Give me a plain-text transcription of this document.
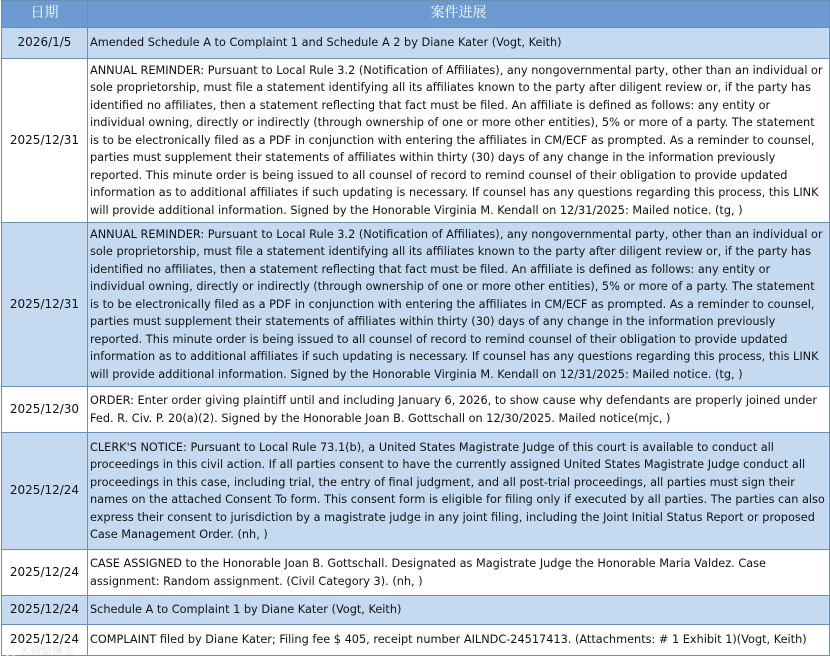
日期	案件进展
2026/1/5	Amended Schedule A to Complaint 1 and Schedule A 2 by Diane Kater (Vogt, Keith)
2025/12/31	ANNUAL REMINDER: Pursuant to Local Rule 3.2 (Notification of Affiliates), any nongovernmental party, other than an individual or sole proprietorship, must file a statement identifying all its affiliates known to the party after diligent review or, if the party has identified no affiliates, then a statement reflecting that fact must be filed. An affiliate is defined as follows: any entity or individual owning, directly or indirectly (through ownership of one or more other entities), 5% or more of a party. The statement is to be electronically filed as a PDF in conjunction with entering the affiliates in CM/ECF as prompted. As a reminder to counsel, parties must supplement their statements of affiliates within thirty (30) days of any change in the information previously reported. This minute order is being issued to all counsel of record to remind counsel of their obligation to provide updated information as to additional affiliates if such updating is necessary. If counsel has any questions regarding this process, this LINK will provide additional information. Signed by the Honorable Virginia M. Kendall on 12/31/2025: Mailed notice. (tg, )
2025/12/31	ANNUAL REMINDER: Pursuant to Local Rule 3.2 (Notification of Affiliates), any nongovernmental party, other than an individual or sole proprietorship, must file a statement identifying all its affiliates known to the party after diligent review or, if the party has identified no affiliates, then a statement reflecting that fact must be filed. An affiliate is defined as follows: any entity or individual owning, directly or indirectly (through ownership of one or more other entities), 5% or more of a party. The statement is to be electronically filed as a PDF in conjunction with entering the affiliates in CM/ECF as prompted. As a reminder to counsel, parties must supplement their statements of affiliates within thirty (30) days of any change in the information previously reported. This minute order is being issued to all counsel of record to remind counsel of their obligation to provide updated information as to additional affiliates if such updating is necessary. If counsel has any questions regarding this process, this LINK will provide additional information. Signed by the Honorable Virginia M. Kendall on 12/31/2025: Mailed notice. (tg, )
2025/12/30	ORDER: Enter order giving plaintiff until and including January 6, 2026, to show cause why defendants are properly joined under Fed. R. Civ. P. 20(a)(2). Signed by the Honorable Joan B. Gottschall on 12/30/2025. Mailed notice(mjc, )
2025/12/24	CLERK'S NOTICE: Pursuant to Local Rule 73.1(b), a United States Magistrate Judge of this court is available to conduct all proceedings in this civil action. If all parties consent to have the currently assigned United States Magistrate Judge conduct all proceedings in this case, including trial, the entry of final judgment, and all post-trial proceedings, all parties must sign their names on the attached Consent To form. This consent form is eligible for filing only if executed by all parties. The parties can also express their consent to jurisdiction by a magistrate judge in any joint filing, including the Joint Initial Status Report or proposed Case Management Order. (nh, )
2025/12/24	CASE ASSIGNED to the Honorable Joan B. Gottschall. Designated as Magistrate Judge the Honorable Maria Valdez. Case assignment: Random assignment. (Civil Category 3). (nh, )
2025/12/24	Schedule A to Complaint 1 by Diane Kater (Vogt, Keith)
2025/12/24	COMPLAINT filed by Diane Kater; Filing fee $ 405, receipt number AILNDC-24517413. (Attachments: # 1 Exhibit 1)(Vogt, Keith)
大杂烩博主
